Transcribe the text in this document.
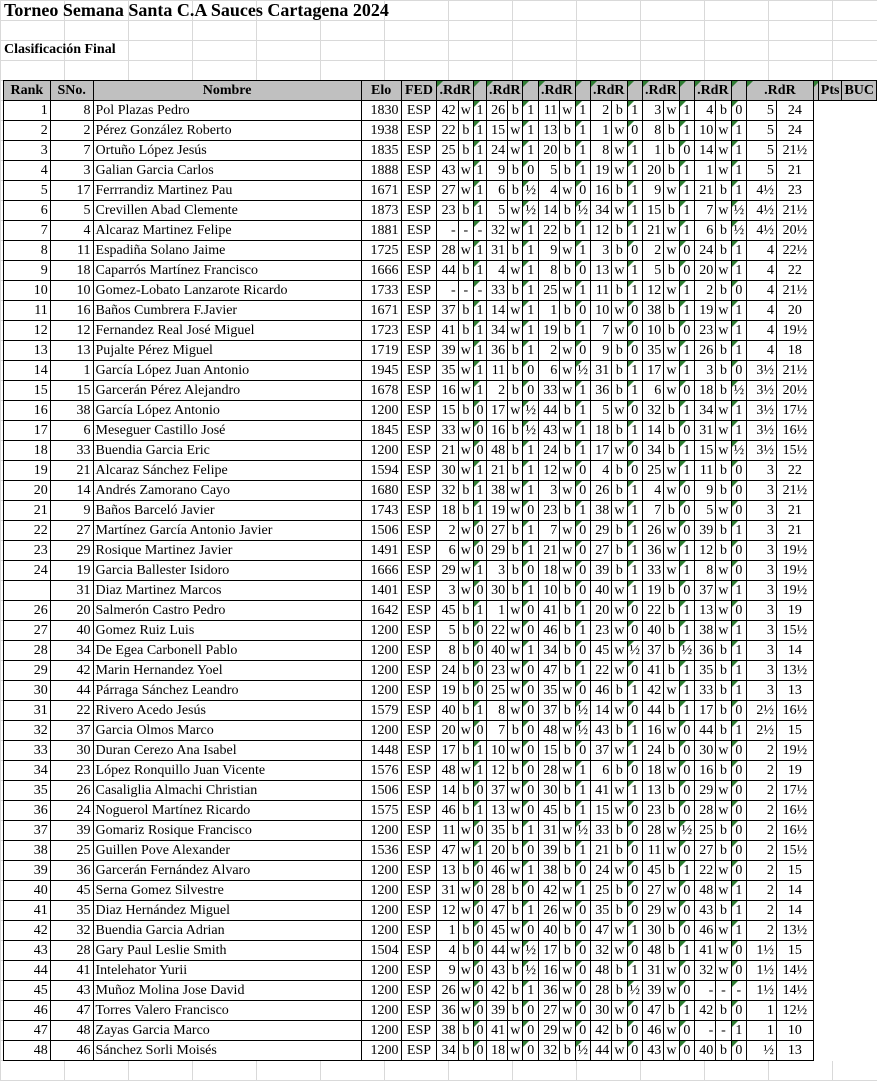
Torneo Semana Santa C.A Sauces Cartagena 2024
Clasificación Final
Rank	SNo.	Nombre	Elo	FED	.RdR			.RdR			.RdR			.RdR			.RdR			.RdR			.RdR			Pts	BUC
1	8	Pol Plazas Pedro	1830	ESP	42	w	1	26	b	1	11	w	1	2	b	1	3	w	1	4	b	0	5	24			
2	2	Pérez González Roberto	1938	ESP	22	b	1	15	w	1	13	b	1	1	w	0	8	b	1	10	w	1	5	24			
3	7	Ortuño López Jesús	1835	ESP	25	b	1	24	w	1	20	b	1	8	w	1	1	b	0	14	w	1	5	21½			
4	3	Galian Garcia Carlos	1888	ESP	43	w	1	9	b	0	5	b	1	19	w	1	20	b	1	1	w	1	5	21			
5	17	Ferrrandiz Martinez Pau	1671	ESP	27	w	1	6	b	½	4	w	0	16	b	1	9	w	1	21	b	1	4½	23			
6	5	Crevillen Abad Clemente	1873	ESP	23	b	1	5	w	½	14	b	½	34	w	1	15	b	1	7	w	½	4½	21½			
7	4	Alcaraz Martinez Felipe	1881	ESP	-	-	-	32	w	1	22	b	1	12	b	1	21	w	1	6	b	½	4½	20½			
8	11	Espadiña Solano Jaime	1725	ESP	28	w	1	31	b	1	9	w	1	3	b	0	2	w	0	24	b	1	4	22½			
9	18	Caparrós Martínez Francisco	1666	ESP	44	b	1	4	w	1	8	b	0	13	w	1	5	b	0	20	w	1	4	22			
10	10	Gomez-Lobato Lanzarote Ricardo	1733	ESP	-	-	-	33	b	1	25	w	1	11	b	1	12	w	1	2	b	0	4	21½			
11	16	Baños Cumbrera F.Javier	1671	ESP	37	b	1	14	w	1	1	b	0	10	w	0	38	b	1	19	w	1	4	20			
12	12	Fernandez Real José Miguel	1723	ESP	41	b	1	34	w	1	19	b	1	7	w	0	10	b	0	23	w	1	4	19½			
13	13	Pujalte Pérez Miguel	1719	ESP	39	w	1	36	b	1	2	w	0	9	b	0	35	w	1	26	b	1	4	18			
14	1	García López Juan Antonio	1945	ESP	35	w	1	11	b	0	6	w	½	31	b	1	17	w	1	3	b	0	3½	21½			
15	15	Garcerán Pérez Alejandro	1678	ESP	16	w	1	2	b	0	33	w	1	36	b	1	6	w	0	18	b	½	3½	20½			
16	38	García López Antonio	1200	ESP	15	b	0	17	w	½	44	b	1	5	w	0	32	b	1	34	w	1	3½	17½			
17	6	Meseguer Castillo José	1845	ESP	33	w	0	16	b	½	43	w	1	18	b	1	14	b	0	31	w	1	3½	16½			
18	33	Buendia Garcia Eric	1200	ESP	21	w	0	48	b	1	24	b	1	17	w	0	34	b	1	15	w	½	3½	15½			
19	21	Alcaraz Sánchez Felipe	1594	ESP	30	w	1	21	b	1	12	w	0	4	b	0	25	w	1	11	b	0	3	22			
20	14	Andrés Zamorano Cayo	1680	ESP	32	b	1	38	w	1	3	w	0	26	b	1	4	w	0	9	b	0	3	21½			
21	9	Baños Barceló Javier	1743	ESP	18	b	1	19	w	0	23	b	1	38	w	1	7	b	0	5	w	0	3	21			
22	27	Martínez García Antonio Javier	1506	ESP	2	w	0	27	b	1	7	w	0	29	b	1	26	w	0	39	b	1	3	21			
23	29	Rosique Martinez Javier	1491	ESP	6	w	0	29	b	1	21	w	0	27	b	1	36	w	1	12	b	0	3	19½			
24	19	Garcia Ballester Isidoro	1666	ESP	29	w	1	3	b	0	18	w	0	39	b	1	33	w	1	8	w	0	3	19½			
	31	Diaz Martinez Marcos	1401	ESP	3	w	0	30	b	1	10	b	0	40	w	1	19	b	0	37	w	1	3	19½			
26	20	Salmerón Castro Pedro	1642	ESP	45	b	1	1	w	0	41	b	1	20	w	0	22	b	1	13	w	0	3	19			
27	40	Gomez Ruiz Luis	1200	ESP	5	b	0	22	w	0	46	b	1	23	w	0	40	b	1	38	w	1	3	15½			
28	34	De Egea Carbonell Pablo	1200	ESP	8	b	0	40	w	1	34	b	0	45	w	½	37	b	½	36	b	1	3	14			
29	42	Marin Hernandez Yoel	1200	ESP	24	b	0	23	w	0	47	b	1	22	w	0	41	b	1	35	b	1	3	13½			
30	44	Párraga Sánchez Leandro	1200	ESP	19	b	0	25	w	0	35	w	0	46	b	1	42	w	1	33	b	1	3	13			
31	22	Rivero Acedo Jesús	1579	ESP	40	b	1	8	w	0	37	b	½	14	w	0	44	b	1	17	b	0	2½	16½			
32	37	Garcia Olmos Marco	1200	ESP	20	w	0	7	b	0	48	w	½	43	b	1	16	w	0	44	b	1	2½	15			
33	30	Duran Cerezo Ana Isabel	1448	ESP	17	b	1	10	w	0	15	b	0	37	w	1	24	b	0	30	w	0	2	19½			
34	23	López Ronquillo Juan Vicente	1576	ESP	48	w	1	12	b	0	28	w	1	6	b	0	18	w	0	16	b	0	2	19			
35	26	Casaliglia Almachi Christian	1506	ESP	14	b	0	37	w	0	30	b	1	41	w	1	13	b	0	29	w	0	2	17½			
36	24	Noguerol Martínez Ricardo	1575	ESP	46	b	1	13	w	0	45	b	1	15	w	0	23	b	0	28	w	0	2	16½			
37	39	Gomariz Rosique Francisco	1200	ESP	11	w	0	35	b	1	31	w	½	33	b	0	28	w	½	25	b	0	2	16½			
38	25	Guillen Pove Alexander	1536	ESP	47	w	1	20	b	0	39	b	1	21	b	0	11	w	0	27	b	0	2	15½			
39	36	Garcerán Fernández Alvaro	1200	ESP	13	b	0	46	w	1	38	b	0	24	w	0	45	b	1	22	w	0	2	15			
40	45	Serna Gomez Silvestre	1200	ESP	31	w	0	28	b	0	42	w	1	25	b	0	27	w	0	48	w	1	2	14			
41	35	Diaz Hernández Miguel	1200	ESP	12	w	0	47	b	1	26	w	0	35	b	0	29	w	0	43	b	1	2	14			
42	32	Buendia Garcia Adrian	1200	ESP	1	b	0	45	w	0	40	b	0	47	w	1	30	b	0	46	w	1	2	13½			
43	28	Gary Paul Leslie Smith	1504	ESP	4	b	0	44	w	½	17	b	0	32	w	0	48	b	1	41	w	0	1½	15			
44	41	Intelehator Yurii	1200	ESP	9	w	0	43	b	½	16	w	0	48	b	1	31	w	0	32	w	0	1½	14½			
45	43	Muñoz Molina Jose David	1200	ESP	26	w	0	42	b	1	36	w	0	28	b	½	39	w	0	-	-	-	1½	14½			
46	47	Torres Valero Francisco	1200	ESP	36	w	0	39	b	0	27	w	0	30	w	0	47	b	1	42	b	0	1	12½			
47	48	Zayas Garcia Marco	1200	ESP	38	b	0	41	w	0	29	w	0	42	b	0	46	w	0	-	-	1	1	10			
48	46	Sánchez Sorli Moisés	1200	ESP	34	b	0	18	w	0	32	b	½	44	w	0	43	w	0	40	b	0	½	13			
